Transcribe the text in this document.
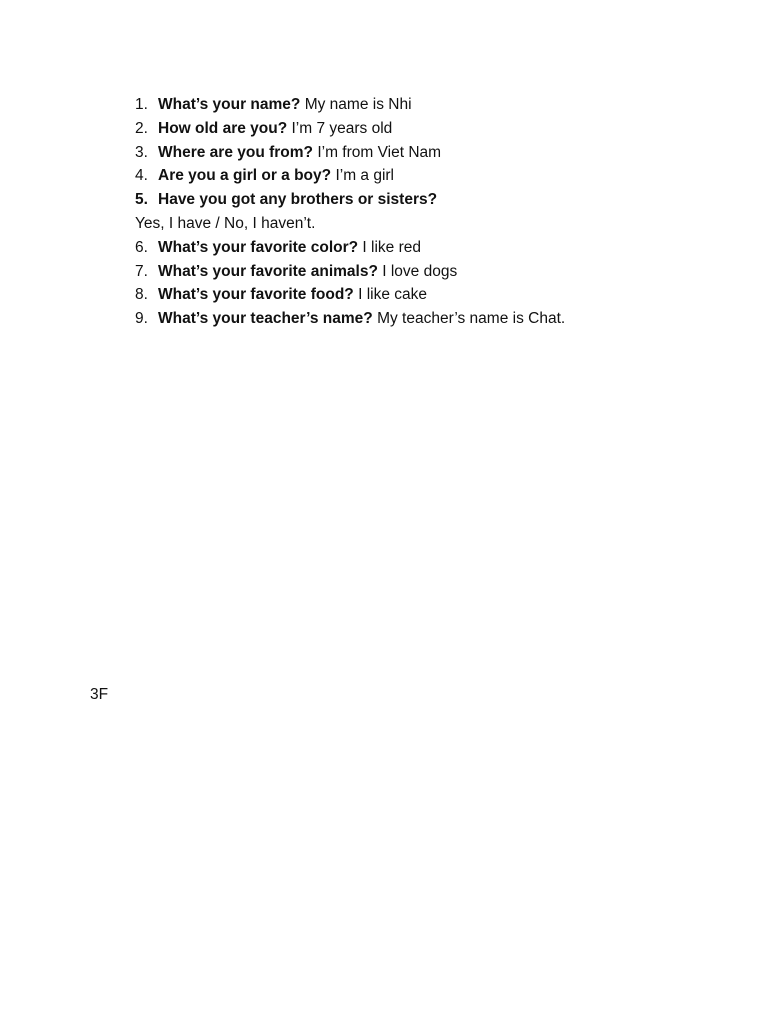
1. What’s your name? My name is Nhi
2. How old are you? I’m 7 years old
3. Where are you from? I’m from Viet Nam
4. Are you a girl or a boy? I’m a girl
5. Have you got any brothers or sisters?
Yes, I have / No, I haven’t.
6. What’s your favorite color? I like red
7. What’s your favorite animals? I love dogs
8. What’s your favorite food? I like cake
9. What’s your teacher’s name? My teacher’s name is Chat.
3F
